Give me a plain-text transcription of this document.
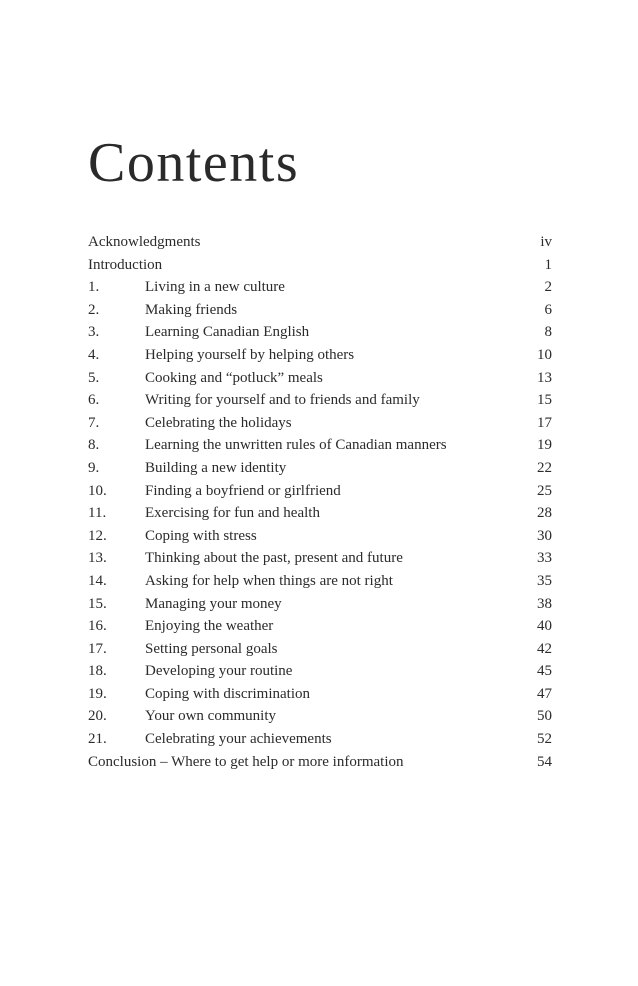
Contents
Acknowledgments	iv
Introduction	1
1.	Living in a new culture	2
2.	Making friends	6
3.	Learning Canadian English	8
4.	Helping yourself by helping others	10
5.	Cooking and “potluck” meals	13
6.	Writing for yourself and to friends and family	15
7.	Celebrating the holidays	17
8.	Learning the unwritten rules of Canadian manners	19
9.	Building a new identity	22
10.	Finding a boyfriend or girlfriend	25
11.	Exercising for fun and health	28
12.	Coping with stress	30
13.	Thinking about the past, present and future	33
14.	Asking for help when things are not right	35
15.	Managing your money	38
16.	Enjoying the weather	40
17.	Setting personal goals	42
18.	Developing your routine	45
19.	Coping with discrimination	47
20.	Your own community	50
21.	Celebrating your achievements	52
Conclusion – Where to get help or more information	54
